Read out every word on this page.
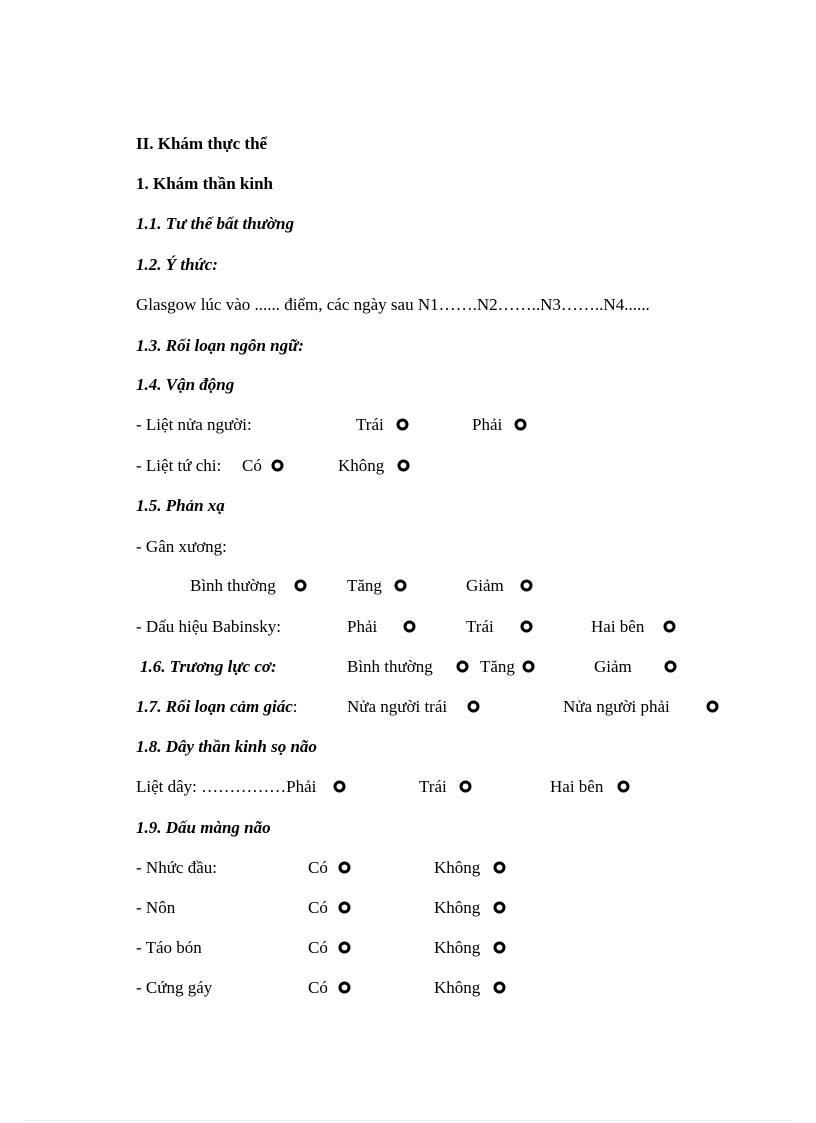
II. Khám thực thể
1. Khám thần kinh
1.1. Tư thế bất thường
1.2. Ý thức:
Glasgow lúc vào ...... điểm, các ngày sau N1…….N2……..N3……..N4......
1.3. Rối loạn ngôn ngữ:
1.4. Vận động
- Liệt nửa người:	Trái	Phải
- Liệt tứ chi: Có	Không
1.5. Phản xạ
- Gân xương:
Bình thường	Tăng	Giảm
- Dấu hiệu Babinsky:	Phải	Trái	Hai bên
1.6. Trương lực cơ:	Bình thường	Tăng	Giảm
1.7. Rối loạn cảm giác:	Nửa người trái	Nửa người phải
1.8. Dây thần kinh sọ não
Liệt dây: ……………Phải	Trái	Hai bên
1.9. Dấu màng não
- Nhức đầu:	Có	Không
- Nôn	Có	Không
- Táo bón	Có	Không
- Cứng gáy	Có	Không
